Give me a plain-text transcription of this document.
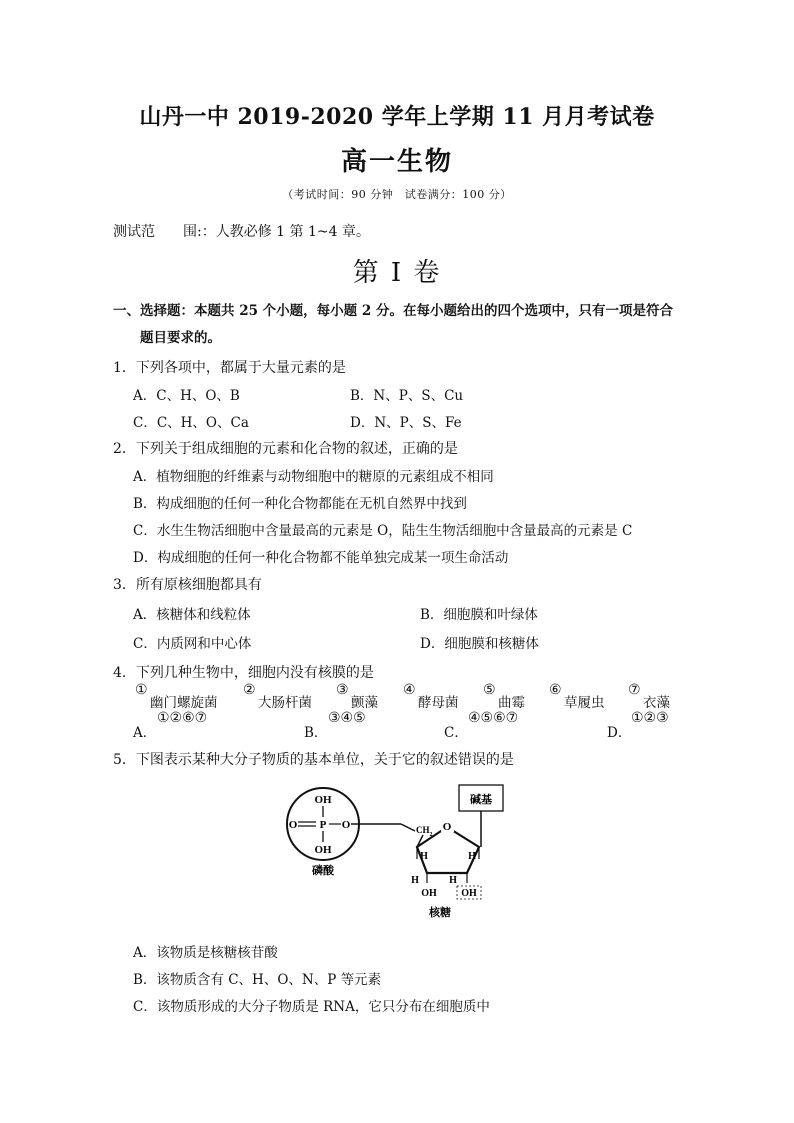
山丹一中 2019-2020 学年上学期 11 月月考试卷
高一生物
（考试时间：90 分钟　试卷满分：100 分）
测试范　　围:：人教必修 1 第 1~4 章。
第 I 卷
一、选择题：本题共 25 个小题，每小题 2 分。在每小题给出的四个选项中，只有一项是符合
题目要求的。
1．下列各项中，都属于大量元素的是
A．C、H、O、B	B．N、P、S、Cu
C．C、H、O、Ca	D．N、P、S、Fe
2．下列关于组成细胞的元素和化合物的叙述，正确的是
A．植物细胞的纤维素与动物细胞中的糖原的元素组成不相同
B．构成细胞的任何一种化合物都能在无机自然界中找到
C．水生生物活细胞中含量最高的元素是 O，陆生生物活细胞中含量最高的元素是 C
D．构成细胞的任何一种化合物都不能单独完成某一项生命活动
3．所有原核细胞都具有
A．核糖体和线粒体	B．细胞膜和叶绿体
C．内质网和中心体	D．细胞膜和核糖体
4．下列几种生物中，细胞内没有核膜的是
①
幽门螺旋菌
②
大肠杆菌
③
颤藻
④
酵母菌
⑤
曲霉
⑥
草履虫
⑦
衣藻
A．
①②⑥⑦
B．
③④⑤
C．
④⑤⑥⑦
D．
①②③
5．下图表示某种大分子物质的基本单位，关于它的叙述错误的是
OH
O P O
OH
磷酸
$CH_2$
O
H	H
H	H
OH OH
核糖
碱基
A．该物质是核糖核苷酸
B．该物质含有 C、H、O、N、P 等元素
C．该物质形成的大分子物质是 RNA，它只分布在细胞质中
